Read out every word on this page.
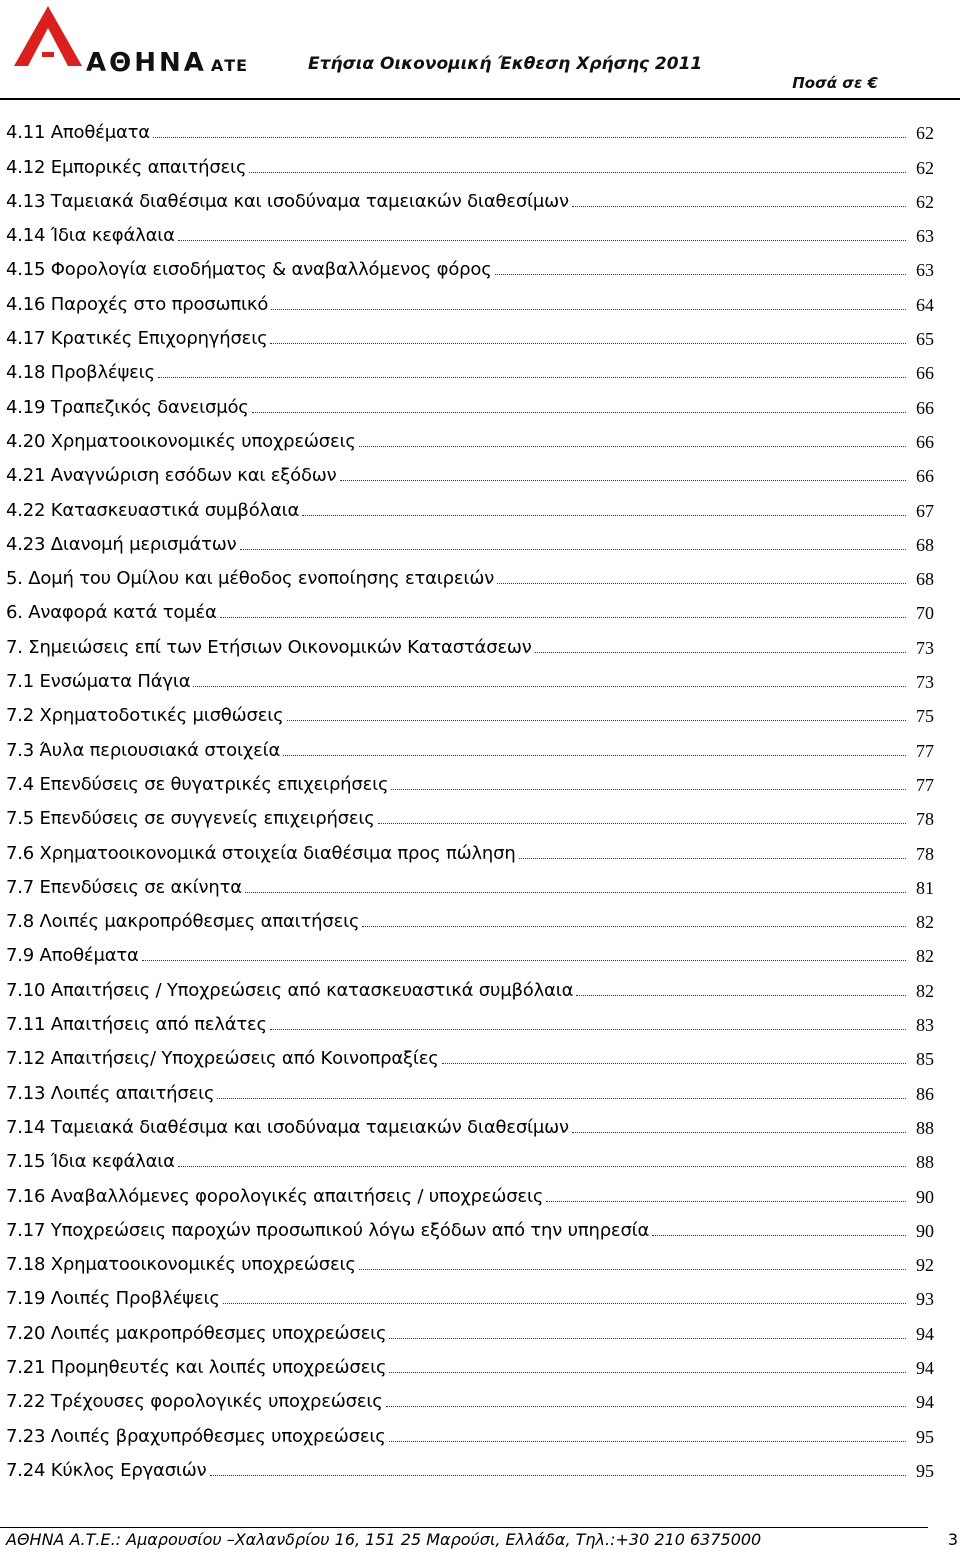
ΑΘΗΝΑ ΑΤΕ	Ετήσια Οικονομική Έκθεση Χρήσης 2011
Ποσά σε €
4.11 Αποθέματα	62
4.12 Εμπορικές απαιτήσεις	62
4.13 Ταμειακά διαθέσιμα και ισοδύναμα ταμειακών διαθεσίμων	62
4.14 Ίδια κεφάλαια	63
4.15 Φορολογία εισοδήματος & αναβαλλόμενος φόρος	63
4.16 Παροχές στο προσωπικό	64
4.17 Κρατικές Επιχορηγήσεις	65
4.18 Προβλέψεις	66
4.19 Τραπεζικός δανεισμός	66
4.20 Χρηματοοικονομικές υποχρεώσεις	66
4.21 Αναγνώριση εσόδων και εξόδων	66
4.22 Κατασκευαστικά συμβόλαια	67
4.23 Διανομή μερισμάτων	68
5. Δομή του Ομίλου και μέθοδος ενοποίησης εταιρειών	68
6. Αναφορά κατά τομέα	70
7. Σημειώσεις επί των Ετήσιων Οικονομικών Καταστάσεων	73
7.1 Ενσώματα Πάγια	73
7.2 Χρηματοδοτικές μισθώσεις	75
7.3 Άυλα περιουσιακά στοιχεία	77
7.4 Επενδύσεις σε θυγατρικές επιχειρήσεις	77
7.5 Επενδύσεις σε συγγενείς επιχειρήσεις	78
7.6 Χρηματοοικονομικά στοιχεία διαθέσιμα προς πώληση	78
7.7 Επενδύσεις σε ακίνητα	81
7.8 Λοιπές μακροπρόθεσμες απαιτήσεις	82
7.9 Αποθέματα	82
7.10 Απαιτήσεις / Υποχρεώσεις από κατασκευαστικά συμβόλαια	82
7.11 Απαιτήσεις από πελάτες	83
7.12 Απαιτήσεις/ Υποχρεώσεις από Κοινοπραξίες	85
7.13 Λοιπές απαιτήσεις	86
7.14 Ταμειακά διαθέσιμα και ισοδύναμα ταμειακών διαθεσίμων	88
7.15 Ίδια κεφάλαια	88
7.16 Αναβαλλόμενες φορολογικές απαιτήσεις / υποχρεώσεις	90
7.17 Υποχρεώσεις παροχών προσωπικού λόγω εξόδων από την υπηρεσία	90
7.18 Χρηματοοικονομικές υποχρεώσεις	92
7.19 Λοιπές Προβλέψεις	93
7.20 Λοιπές μακροπρόθεσμες υποχρεώσεις	94
7.21 Προμηθευτές και λοιπές υποχρεώσεις	94
7.22 Τρέχουσες φορολογικές υποχρεώσεις	94
7.23 Λοιπές βραχυπρόθεσμες υποχρεώσεις	95
7.24 Κύκλος Εργασιών	95
ΑΘΗΝΑ Α.Τ.Ε.: Αμαρουσίου –Χαλανδρίου 16, 151 25 Μαρούσι, Ελλάδα, Τηλ.:+30 210 6375000	3
